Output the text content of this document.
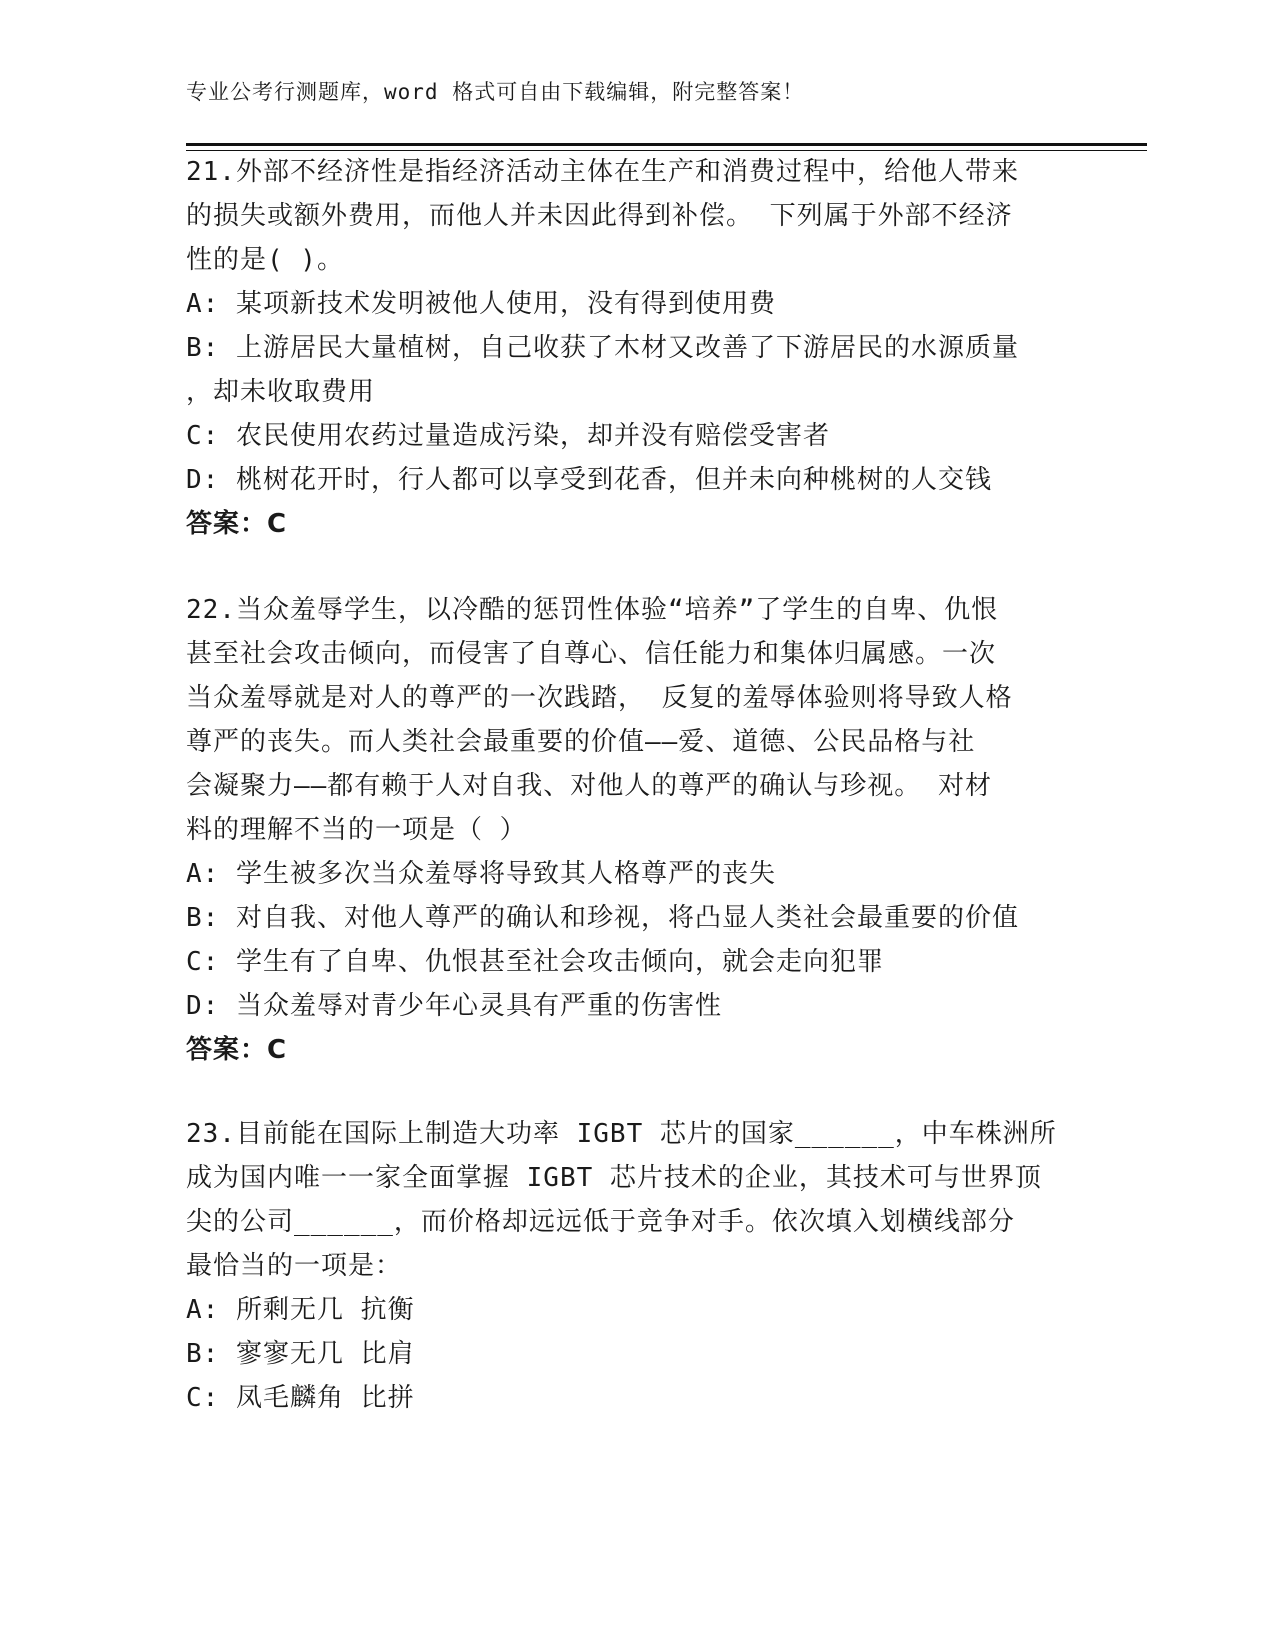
专业公考行测题库，word 格式可自由下载编辑，附完整答案！
21.外部不经济性是指经济活动主体在生产和消费过程中，给他人带来
的损失或额外费用，而他人并未因此得到补偿。 下列属于外部不经济
性的是( )。
A: 某项新技术发明被他人使用，没有得到使用费
B: 上游居民大量植树，自己收获了木材又改善了下游居民的水源质量
，却未收取费用
C: 农民使用农药过量造成污染，却并没有赔偿受害者
D: 桃树花开时，行人都可以享受到花香，但并未向种桃树的人交钱
答案：C
22.当众羞辱学生，以冷酷的惩罚性体验“培养”了学生的自卑、仇恨
甚至社会攻击倾向，而侵害了自尊心、信任能力和集体归属感。一次
当众羞辱就是对人的尊严的一次践踏， 反复的羞辱体验则将导致人格
尊严的丧失。而人类社会最重要的价值——爱、道德、公民品格与社
会凝聚力——都有赖于人对自我、对他人的尊严的确认与珍视。 对材
料的理解不当的一项是（ ）
A: 学生被多次当众羞辱将导致其人格尊严的丧失
B: 对自我、对他人尊严的确认和珍视，将凸显人类社会最重要的价值
C: 学生有了自卑、仇恨甚至社会攻击倾向，就会走向犯罪
D: 当众羞辱对青少年心灵具有严重的伤害性
答案：C
23.目前能在国际上制造大功率 IGBT 芯片的国家______，中车株洲所
成为国内唯一一家全面掌握 IGBT 芯片技术的企业，其技术可与世界顶
尖的公司______，而价格却远远低于竞争对手。依次填入划横线部分
最恰当的一项是：
A: 所剩无几 抗衡
B: 寥寥无几 比肩
C: 凤毛麟角 比拼
